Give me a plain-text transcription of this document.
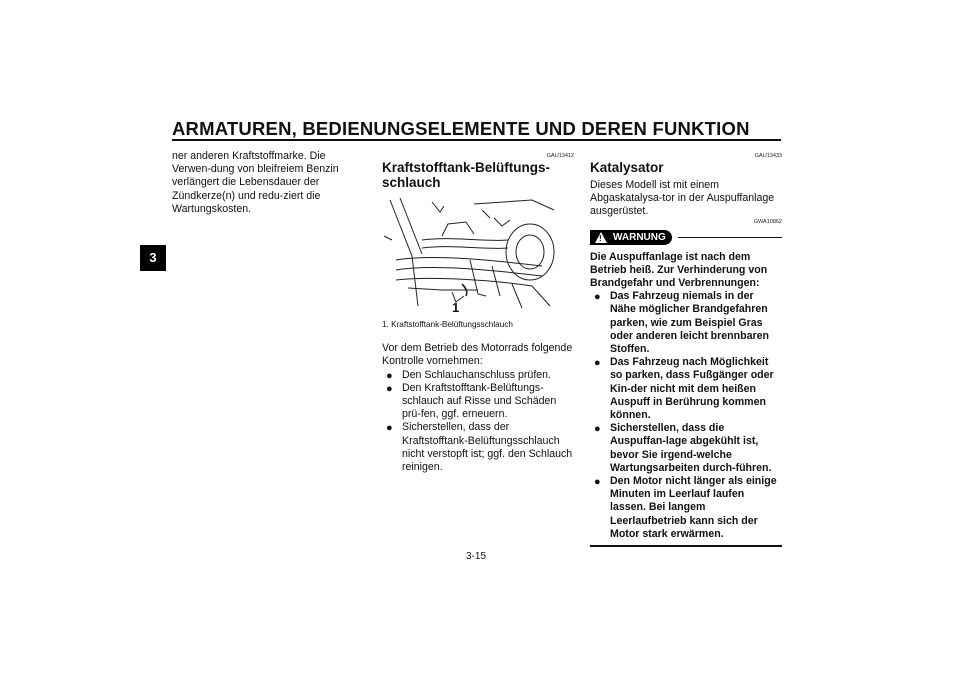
ARMATUREN, BEDIENUNGSELEMENTE UND DEREN FUNKTION
3

ner anderen Kraftstoffmarke. Die Verwen-dung von bleifreiem Benzin verlängert die Lebensdauer der Zündkerze(n) und redu-ziert die Wartungskosten.

GAU13412
Kraftstofftank-Belüftungs-schlauch
1
1. Kraftstofftank-Belüftungsschlauch

Vor dem Betrieb des Motorrads folgende Kontrolle vornehmen:

● Den Schlauchanschluss prüfen.
● Den Kraftstofftank-Belüftungs-schlauch auf Risse und Schäden prü-fen, ggf. erneuern.
● Sicherstellen, dass der Kraftstofftank-Belüftungsschlauch nicht verstopft ist; ggf. den Schlauch reinigen.
GAU13433
Katalysator

Dieses Modell ist mit einem Abgaskatalysa-tor in der Auspuffanlage ausgerüstet.

GWA10862
! WARNUNG

Die Auspuffanlage ist nach dem Betrieb heiß. Zur Verhinderung von Brandgefahr und Verbrennungen:

● Das Fahrzeug niemals in der Nähe möglicher Brandgefahren parken, wie zum Beispiel Gras oder anderen leicht brennbaren Stoffen.
● Das Fahrzeug nach Möglichkeit so parken, dass Fußgänger oder Kin-der nicht mit dem heißen Auspuff in Berührung kommen können.
● Sicherstellen, dass die Auspuffan-lage abgekühlt ist, bevor Sie irgend-welche Wartungsarbeiten durch-führen.
● Den Motor nicht länger als einige Minuten im Leerlauf laufen lassen. Bei langem Leerlaufbetrieb kann sich der Motor stark erwärmen.
3-15
